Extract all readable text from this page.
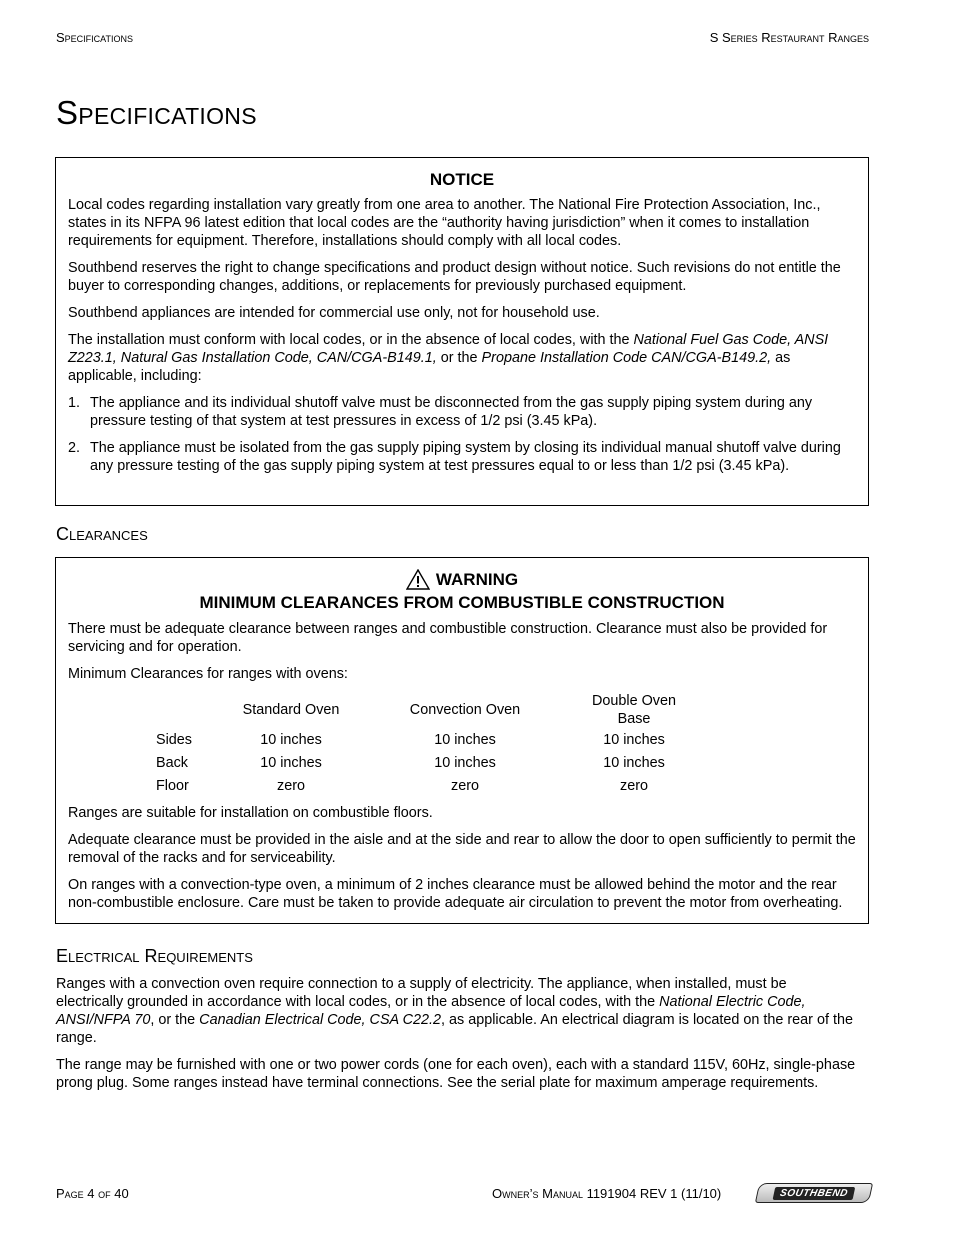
Specifications	S Series Restaurant Ranges
Specifications

NOTICE

Local codes regarding installation vary greatly from one area to another. The National Fire Protection Association, Inc., states in its NFPA 96 latest edition that local codes are the “authority having jurisdiction” when it comes to installation requirements for equipment. Therefore, installations should comply with all local codes.

Southbend reserves the right to change specifications and product design without notice. Such revisions do not entitle the buyer to corresponding changes, additions, or replacements for previously purchased equipment.

Southbend appliances are intended for commercial use only, not for household use.

The installation must conform with local codes, or in the absence of local codes, with the National Fuel Gas Code, ANSI Z223.1, Natural Gas Installation Code, CAN/CGA-B149.1, or the Propane Installation Code CAN/CGA-B149.2, as applicable, including:

1. The appliance and its individual shutoff valve must be disconnected from the gas supply piping system during any pressure testing of that system at test pressures in excess of 1/2 psi (3.45 kPa).
2. The appliance must be isolated from the gas supply piping system by closing its individual manual shutoff valve during any pressure testing of the gas supply piping system at test pressures equal to or less than 1/2 psi (3.45 kPa).
Clearances
WARNING

MINIMUM CLEARANCES FROM COMBUSTIBLE CONSTRUCTION

There must be adequate clearance between ranges and combustible construction. Clearance must also be provided for servicing and for operation.

Minimum Clearances for ranges with ovens:

	Standard Oven	Convection Oven	Double Oven Base
Sides	10 inches	10 inches	10 inches
Back	10 inches	10 inches	10 inches
Floor	zero	zero	zero

Ranges are suitable for installation on combustible floors.

Adequate clearance must be provided in the aisle and at the side and rear to allow the door to open sufficiently to permit the removal of the racks and for serviceability.

On ranges with a convection-type oven, a minimum of 2 inches clearance must be allowed behind the motor and the rear non-combustible enclosure. Care must be taken to provide adequate air circulation to prevent the motor from overheating.

Electrical Requirements

Ranges with a convection oven require connection to a supply of electricity. The appliance, when installed, must be electrically grounded in accordance with local codes, or in the absence of local codes, with the National Electric Code, ANSI/NFPA 70, or the Canadian Electrical Code, CSA C22.2, as applicable. An electrical diagram is located on the rear of the range.

The range may be furnished with one or two power cords (one for each oven), each with a standard 115V, 60Hz, single-phase prong plug. Some ranges instead have terminal connections. See the serial plate for maximum amperage requirements.

Page 4 of 40	Owner’s Manual 1191904 REV 1 (11/10)	SOUTHBEND
